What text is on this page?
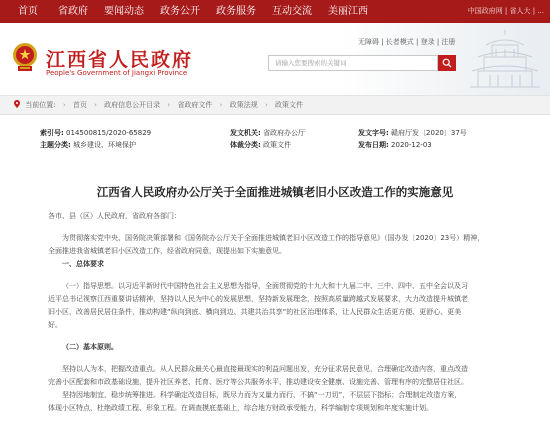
首页	省政府	要闻动态	政务公开	政务服务	互动交流	美丽江西	中国政府网 | 省人大 | ...
江西省人民政府
People's Government of Jiangxi Province
无障碍 | 长者模式 | 登录 | 注册
请输入您要搜索的关键词
当前位置: › 首页 › 政府信息公开目录 › 省政府文件 › 政策法规 › 政策文件
索引号: 014500815/2020-65829	发文机关: 省政府办公厅	发文字号: 赣府厅发〔2020〕37号
主题分类: 城乡建设、环境保护	体裁分类: 政策文件	发布日期: 2020-12-03
江西省人民政府办公厅关于全面推进城镇老旧小区改造工作的实施意见

各市、县（区）人民政府，省政府各部门：

为贯彻落实党中央、国务院决策部署和《国务院办公厅关于全面推进城镇老旧小区改造工作的指导意见》（国办发〔2020〕23号）精神，

全面推进我省城镇老旧小区改造工作，经省政府同意，现提出如下实施意见。

一、总体要求

（一）指导思想。以习近平新时代中国特色社会主义思想为指导，全面贯彻党的十九大和十九届二中、三中、四中、五中全会以及习

近平总书记视察江西重要讲话精神，坚持以人民为中心的发展思想，坚持新发展理念，按照高质量跨越式发展要求，大力改造提升城镇老

旧小区，改善居民居住条件，推动构建“纵向到底、横向到边、共建共治共享”的社区治理体系，让人民群众生活更方便、更舒心、更美

好。

（二）基本原则。

坚持以人为本，把握改造重点。从人民群众最关心最直接最现实的利益问题出发，充分征求居民意见，合理确定改造内容，重点改造

完善小区配套和市政基础设施，提升社区养老、托育、医疗等公共服务水平，推动建设安全健康、设施完善、管理有序的完整居住社区。

坚持因地制宜，稳步统筹推进。科学确定改造目标，既尽力而为又量力而行，不搞“一刀切”，不层层下指标；合理制定改造方案，

体现小区特点，杜绝政绩工程、形象工程。在调查摸底基础上，综合地方财政承受能力，科学编制专项规划和年度实施计划。
